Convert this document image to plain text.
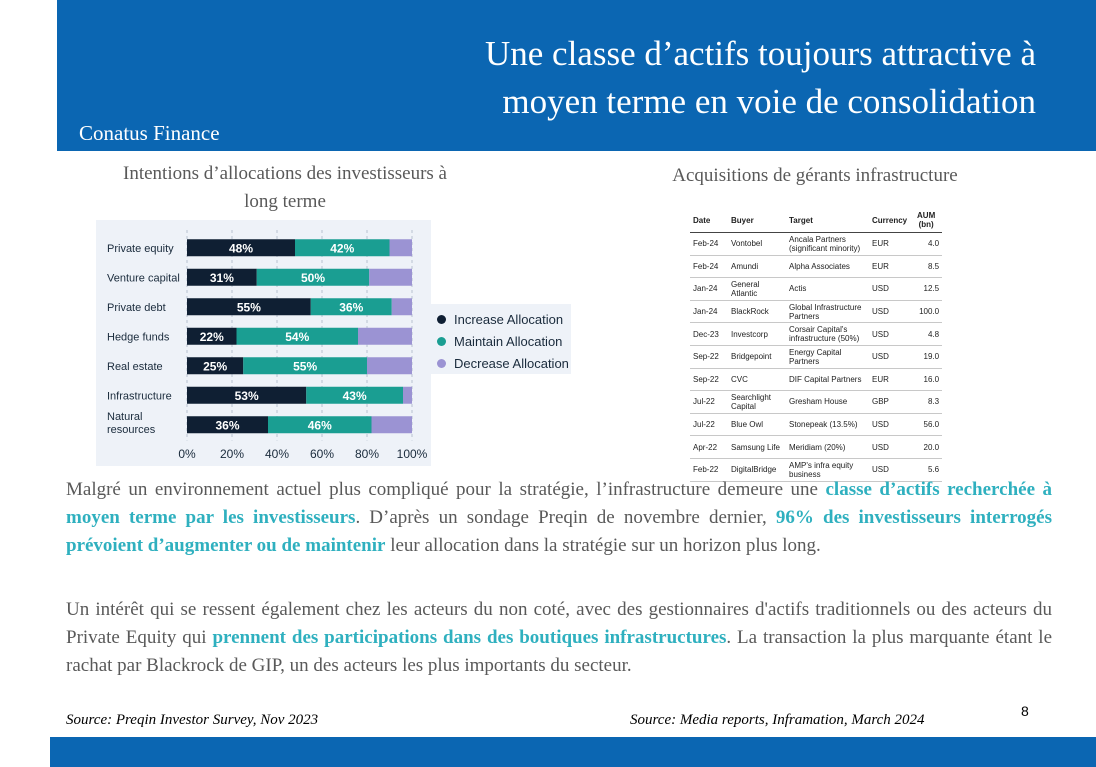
Une classe d’actifs toujours attractive à
moyen terme en voie de consolidation
Conatus Finance
Intentions d’allocations des investisseurs à
long terme
Acquisitions de gérants infrastructure
0% 20% 40% 60% 80% 100%
Private equity	48%	42%
Venture capital	31%	50%
Private debt	55%	36%
Hedge funds	22%	54%
Real estate	25%	55%
Infrastructure	53%	43%
Natural
resources	36%	46%
Increase Allocation
Maintain Allocation
Decrease Allocation
Date	Buyer	Target	Currency	AUM (bn)
Feb-24	Vontobel	Ancala Partners (significant minority)	EUR	4.0
Feb-24	Amundi	Alpha Associates	EUR	8.5
Jan-24	General Atlantic	Actis	USD	12.5
Jan-24	BlackRock	Global Infrastructure Partners	USD	100.0
Dec-23	Investcorp	Corsair Capital's infrastructure (50%)	USD	4.8
Sep-22	Bridgepoint	Energy Capital Partners	USD	19.0
Sep-22	CVC	DIF Capital Partners	EUR	16.0
Jul-22	Searchlight Capital	Gresham House	GBP	8.3
Jul-22	Blue Owl	Stonepeak (13.5%)	USD	56.0
Apr-22	Samsung Life	Meridiam (20%)	USD	20.0
Feb-22	DigitalBridge	AMP's infra equity business	USD	5.6
Malgré un environnement actuel plus compliqué pour la stratégie, l’infrastructure demeure une classe d’actifs recherchée à moyen terme par les investisseurs. D’après un sondage Preqin de novembre dernier, 96% des investisseurs interrogés prévoient d’augmenter ou de maintenir leur allocation dans la stratégie sur un horizon plus long.
Un intérêt qui se ressent également chez les acteurs du non coté, avec des gestionnaires d'actifs traditionnels ou des acteurs du Private Equity qui prennent des participations dans des boutiques infrastructures. La transaction la plus marquante étant le rachat par Blackrock de GIP, un des acteurs les plus importants du secteur.
Source: Preqin Investor Survey, Nov 2023	Source: Media reports, Inframation, March 2024
8
